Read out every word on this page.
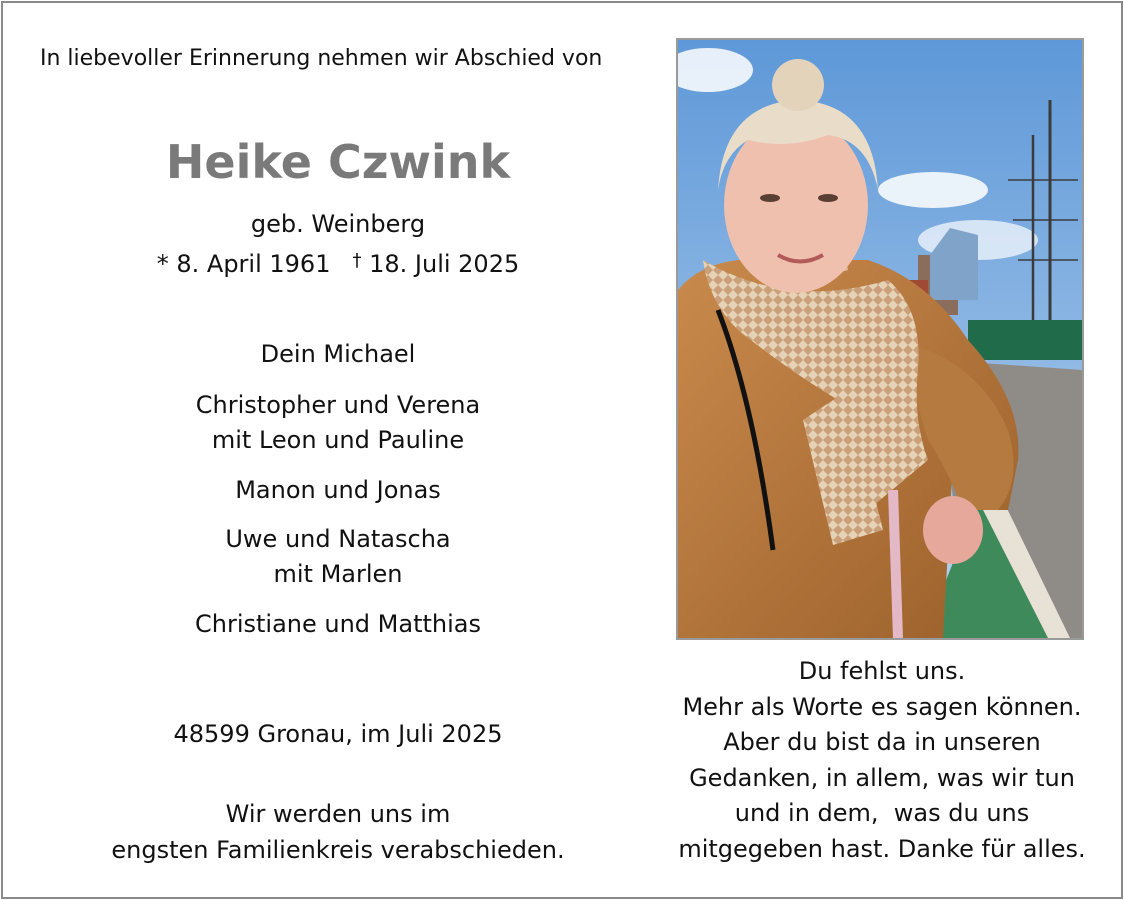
In liebevoller Erinnerung nehmen wir Abschied von
Heike Czwink
geb. Weinberg
* 8. April 1961 † 18. Juli 2025
Dein Michael
Christopher und Verena
mit Leon und Pauline
Manon und Jonas
Uwe und Natascha
mit Marlen
Christiane und Matthias
48599 Gronau, im Juli 2025
Wir werden uns im
engsten Familienkreis verabschieden.
Du fehlst uns.
Mehr als Worte es sagen können.
Aber du bist da in unseren
Gedanken, in allem, was wir tun
und in dem,  was du uns
mitgegeben hast. Danke für alles.
